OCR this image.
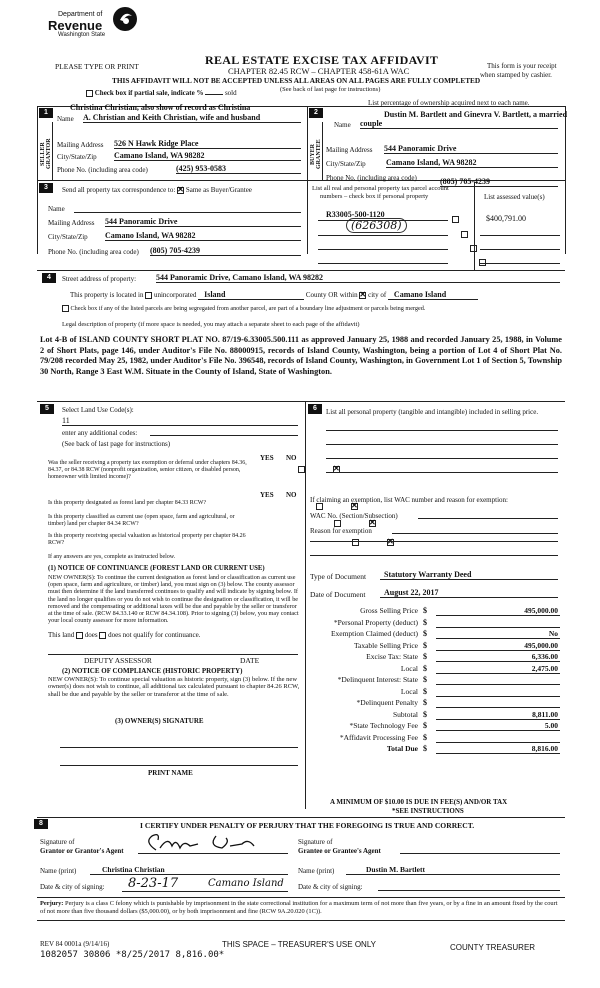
Department of
Revenue
Washington State
REAL ESTATE EXCISE TAX AFFIDAVIT
CHAPTER 82.45 RCW – CHAPTER 458-61A WAC
PLEASE TYPE OR PRINT	This form is your receipt
when stamped by cashier.
THIS AFFIDAVIT WILL NOT BE ACCEPTED UNLESS ALL AREAS ON ALL PAGES ARE FULLY COMPLETED
(See back of last page for instructions)
Check box if partial sale, indicate %	sold
List percentage of ownership acquired next to each name.
1	2
SELLER GRANTOR	BUYER GRANTEE
Christina Christian, also show of record as Christina
Name A. Christian and Keith Christian, wife and husband
Mailing Address 526 N Hawk Ridge Place
City/State/Zip Camano Island, WA 98282
Phone No. (including area code)	(425) 953-0583
Dustin M. Bartlett and Ginevra V. Bartlett, a married
Name couple
Mailing Address 544 Panoramic Drive
City/State/Zip	Camano Island, WA 98282
Phone No. (including area code)	(805) 705-4239
3	Send all property tax correspondence to: ✕ Same as Buyer/Grantee
Name
Mailing Address 544 Panoramic Drive
City/State/Zip Camano Island, WA 98282
Phone No. (including area code) (805) 705-4239
List all real and personal property tax parcel account
numbers – check box if personal property	List assessed value(s)
R33005-500-1120
(626308)
$400,791.00

4	Street address of property: 544 Panoramic Drive, Camano Island, WA 98282
This property is located in unincorporated Island	County OR within ✕ city of Camano Island
Check box if any of the listed parcels are being segregated from another parcel, are part of a boundary line adjustment or parcels being merged.
Legal description of property (if more space is needed, you may attach a separate sheet to each page of the affidavit)
Lot 4-B of ISLAND COUNTY SHORT PLAT NO. 87/19-6.33005.500.111 as approved January 25, 1988 and recorded January 25, 1988, in Volume 2 of Short Plats, page 146, under Auditor's File No. 88000915, records of Island County, Washington, being a portion of Lot 4 of Short Plat No. 79/208 recorded May 25, 1982, under Auditor's File No. 396548, records of Island County, Washington, in Government Lot 1 of Section 5, Township 30 North, Range 3 East W.M. Situate in the County of Island, State of Washington.
5	6
Select Land Use Code(s):
11
enter any additional codes:
(See back of last page for instructions)
YES NO
Was the seller receiving a property tax exemption or deferral under chapters 84.36, 84.37, or 84.38 RCW (nonprofit organization, senior citizen, or disabled person, homeowner with limited income)?
✕
YES NO
Is this property designated as forest land per chapter 84.33 RCW?
✕
Is this property classified as current use (open space, farm and agricultural, or timber) land per chapter 84.34 RCW?
✕
Is this property receiving special valuation as historical property per chapter 84.26 RCW?
✕
If any answers are yes, complete as instructed below.
(1) NOTICE OF CONTINUANCE (FOREST LAND OR CURRENT USE)
NEW OWNER(S): To continue the current designation as forest land or classification as current use (open space, farm and agriculture, or timber) land, you must sign on (3) below. The county assessor must then determine if the land transferred continues to qualify and will indicate by signing below. If the land no longer qualifies or you do not wish to continue the designation or classification, it will be removed and the compensating or additional taxes will be due and payable by the seller or transferor at the time of sale. (RCW 84.33.140 or RCW 84.34.108). Prior to signing (3) below, you may contact your local county assessor for more information.
This land does does not qualify for continuance.
DEPUTY ASSESSOR	DATE
(2) NOTICE OF COMPLIANCE (HISTORIC PROPERTY)
NEW OWNER(S): To continue special valuation as historic property, sign (3) below. If the new owner(s) does not wish to continue, all additional tax calculated pursuant to chapter 84.26 RCW, shall be due and payable by the seller or transferor at the time of sale.
(3) OWNER(S) SIGNATURE
PRINT NAME
List all personal property (tangible and intangible) included in selling price.
If claiming an exemption, list WAC number and reason for exemption:
WAC No. (Section/Subsection)
Reason for exemption
Type of Document	Statutory Warranty Deed
Date of Document	August 22, 2017
Gross Selling Price $	495,000.00
*Personal Property (deduct) $
Exemption Claimed (deduct) $	No
Taxable Selling Price $	495,000.00
Excise Tax: State $	6,336.00
Local $	2,475.00
*Delinquent Interest: State $
Local $
*Delinquent Penalty $
Subtotal $	8,811.00
*State Technology Fee $	5.00
*Affidavit Processing Fee $
Total Due $	8,816.00
A MINIMUM OF $10.00 IS DUE IN FEE(S) AND/OR TAX
*SEE INSTRUCTIONS
8	I CERTIFY UNDER PENALTY OF PERJURY THAT THE FOREGOING IS TRUE AND CORRECT.
Signature of
Grantor or Grantor's Agent
Signature of
Grantee or Grantee's Agent
Name (print)	Christina Christian	Name (print)	Dustin M. Bartlett
Date & city of signing: 8-23-17	Camano Island Date & city of signing:
Perjury: Perjury is a class C felony which is punishable by imprisonment in the state correctional institution for a maximum term of not more than five years, or by a fine in an amount fixed by the court of not more than five thousand dollars ($5,000.00), or by both imprisonment and fine (RCW 9A.20.020 (1C)).
REV 84 0001a (9/14/16)	THIS SPACE – TREASURER'S USE ONLY	COUNTY TREASURER
1082057 30806 *8/25/2017 8,816.00*
